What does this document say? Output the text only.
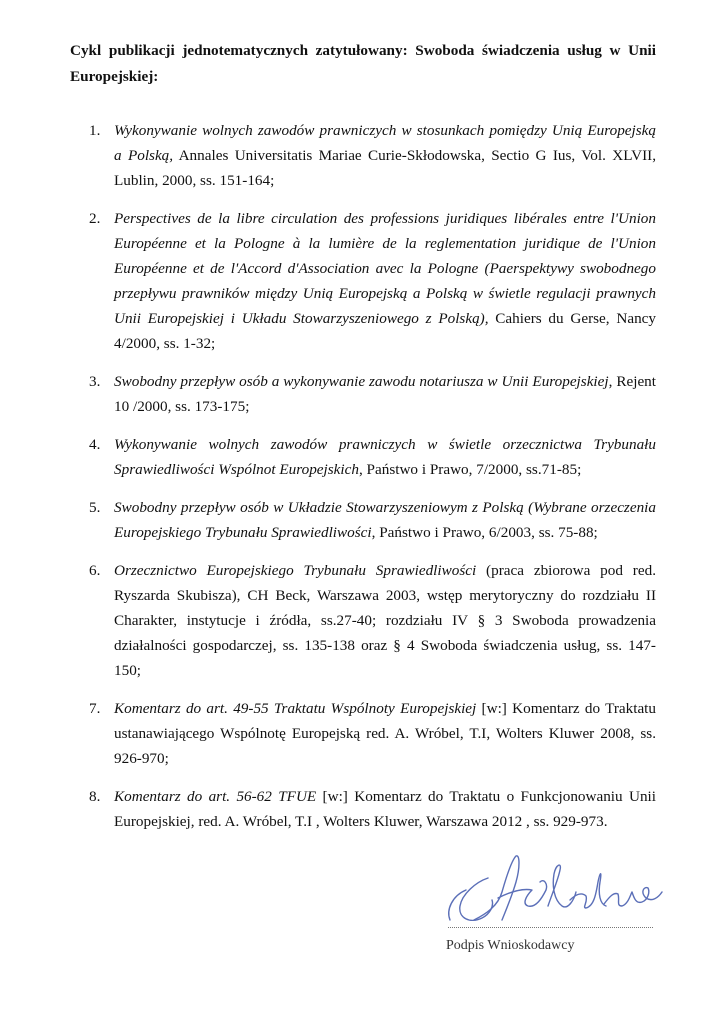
Cykl publikacji jednotematycznych zatytułowany: Swoboda świadczenia usług w Unii Europejskiej:
1. Wykonywanie wolnych zawodów prawniczych w stosunkach pomiędzy Unią Europejską a Polską, Annales Universitatis Mariae Curie-Skłodowska, Sectio G Ius, Vol. XLVII, Lublin, 2000, ss. 151-164;
2. Perspectives de la libre circulation des professions juridiques libérales entre l'Union Européenne et la Pologne à la lumière de la reglementation juridique de l'Union Européenne et de l'Accord d'Association avec la Pologne (Paerspektywy swobodnego przepływu prawników między Unią Europejską a Polską w świetle regulacji prawnych Unii Europejskiej i Układu Stowarzyszeniowego z Polską), Cahiers du Gerse, Nancy 4/2000, ss. 1-32;
3. Swobodny przepływ osób a wykonywanie zawodu notariusza w Unii Europejskiej, Rejent 10 /2000, ss. 173-175;
4. Wykonywanie wolnych zawodów prawniczych w świetle orzecznictwa Trybunału Sprawiedliwości Wspólnot Europejskich, Państwo i Prawo, 7/2000, ss.71-85;
5. Swobodny przepływ osób w Układzie Stowarzyszeniowym z Polską (Wybrane orzeczenia Europejskiego Trybunału Sprawiedliwości, Państwo i Prawo, 6/2003, ss. 75-88;
6. Orzecznictwo Europejskiego Trybunału Sprawiedliwości (praca zbiorowa pod red. Ryszarda Skubisza), CH Beck, Warszawa 2003, wstęp merytoryczny do rozdziału II Charakter, instytucje i źródła, ss.27-40; rozdziału IV § 3 Swoboda prowadzenia działalności gospodarczej, ss. 135-138 oraz § 4 Swoboda świadczenia usług, ss. 147-150;
7. Komentarz do art. 49-55 Traktatu Wspólnoty Europejskiej [w:] Komentarz do Traktatu ustanawiającego Wspólnotę Europejską red. A. Wróbel, T.I, Wolters Kluwer 2008, ss. 926-970;
8. Komentarz do art. 56-62 TFUE [w:] Komentarz do Traktatu o Funkcjonowaniu Unii Europejskiej, red. A. Wróbel, T.I , Wolters Kluwer, Warszawa 2012 , ss. 929-973.
Podpis Wnioskodawcy
